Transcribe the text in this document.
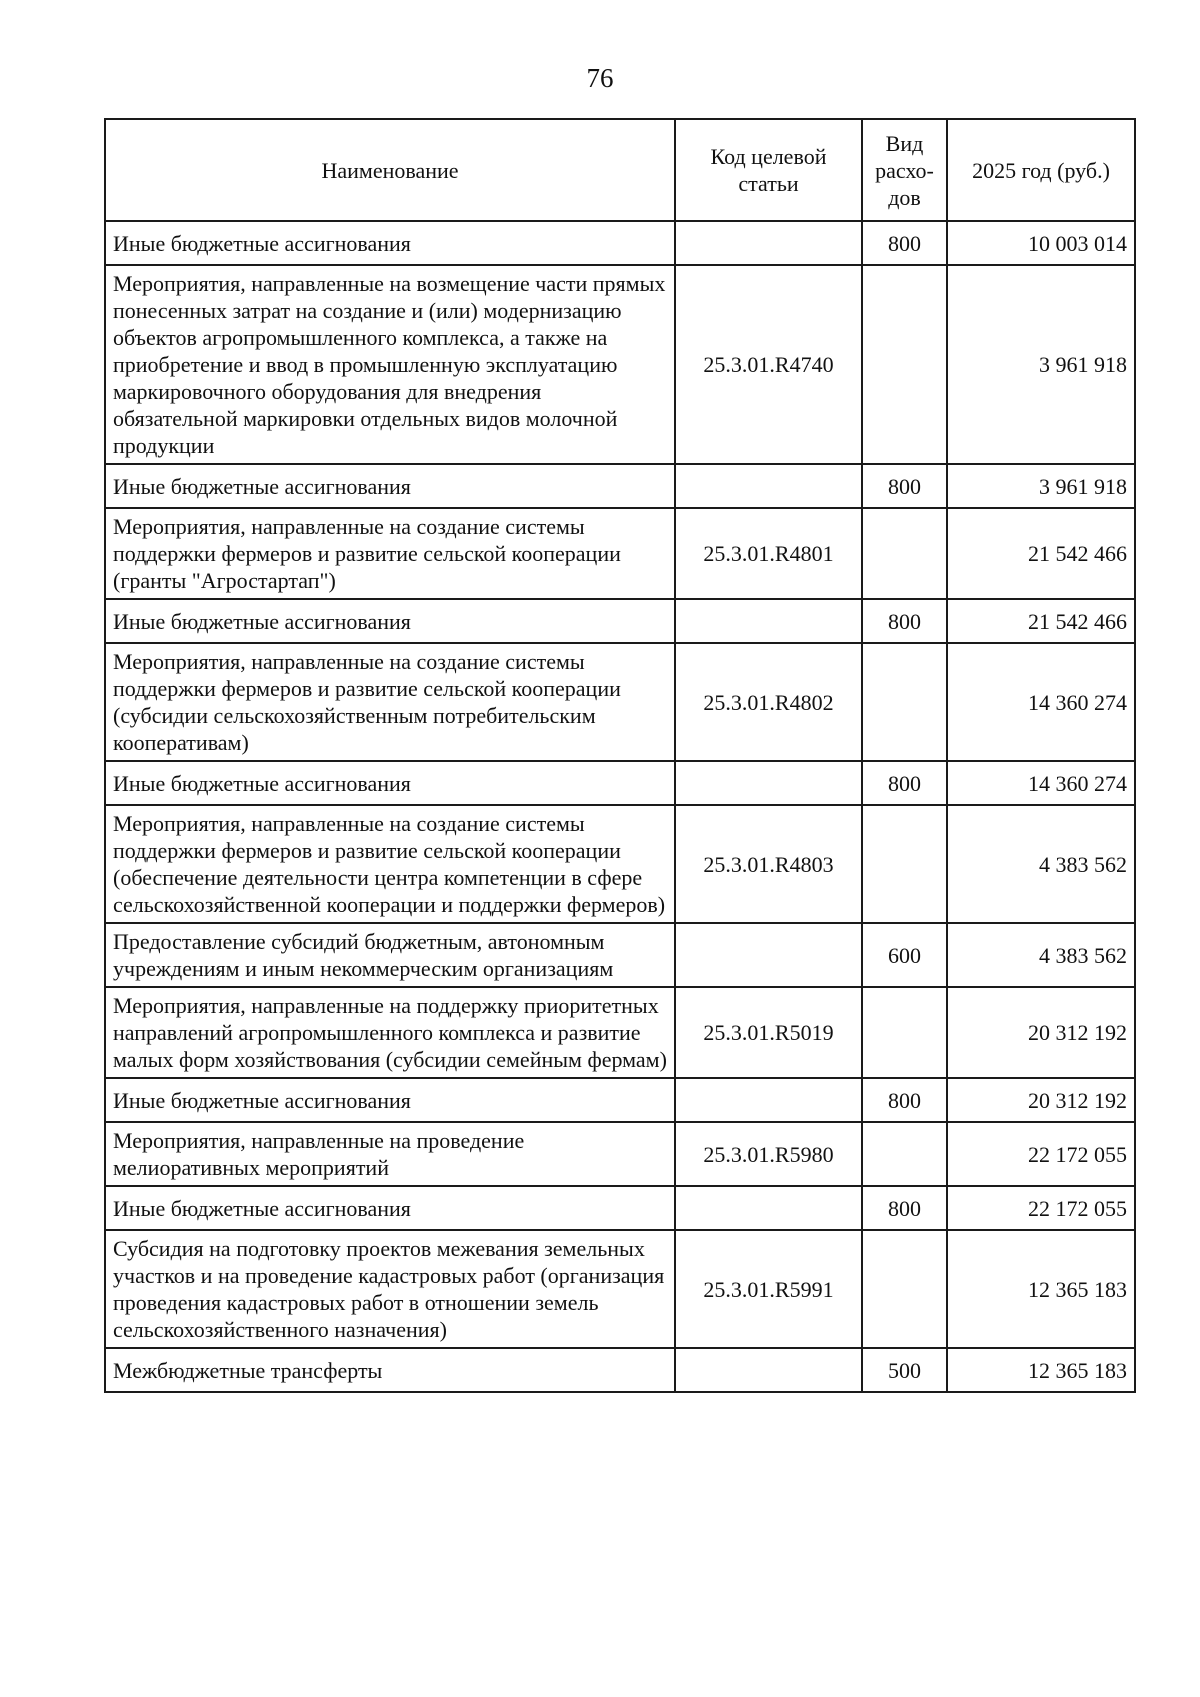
76
Наименование	Код целевой статьи	Вид расхо-дов	2025 год (руб.)
Иные бюджетные ассигнования		800	10 003 014
Мероприятия, направленные на возмещение части прямых понесенных затрат на создание и (или) модернизацию объектов агропромышленного комплекса, а также на приобретение и ввод в промышленную эксплуатацию маркировочного оборудования для внедрения обязательной маркировки отдельных видов молочной продукции	25.3.01.R4740		3 961 918
Иные бюджетные ассигнования		800	3 961 918
Мероприятия, направленные на создание системы поддержки фермеров и развитие сельской кооперации (гранты "Агростартап")	25.3.01.R4801		21 542 466
Иные бюджетные ассигнования		800	21 542 466
Мероприятия, направленные на создание системы поддержки фермеров и развитие сельской кооперации (субсидии сельскохозяйственным потребительским кооперативам)	25.3.01.R4802		14 360 274
Иные бюджетные ассигнования		800	14 360 274
Мероприятия, направленные на создание системы поддержки фермеров и развитие сельской кооперации (обеспечение деятельности центра компетенции в сфере сельскохозяйственной кооперации и поддержки фермеров)	25.3.01.R4803		4 383 562
Предоставление субсидий бюджетным, автономным учреждениям и иным некоммерческим организациям		600	4 383 562
Мероприятия, направленные на поддержку приоритетных направлений агропромышленного комплекса и развитие малых форм хозяйствования (субсидии семейным фермам)	25.3.01.R5019		20 312 192
Иные бюджетные ассигнования		800	20 312 192
Мероприятия, направленные на проведение мелиоративных мероприятий	25.3.01.R5980		22 172 055
Иные бюджетные ассигнования		800	22 172 055
Субсидия на подготовку проектов межевания земельных участков и на проведение кадастровых работ (организация проведения кадастровых работ в отношении земель сельскохозяйственного назначения)	25.3.01.R5991		12 365 183
Межбюджетные трансферты		500	12 365 183
